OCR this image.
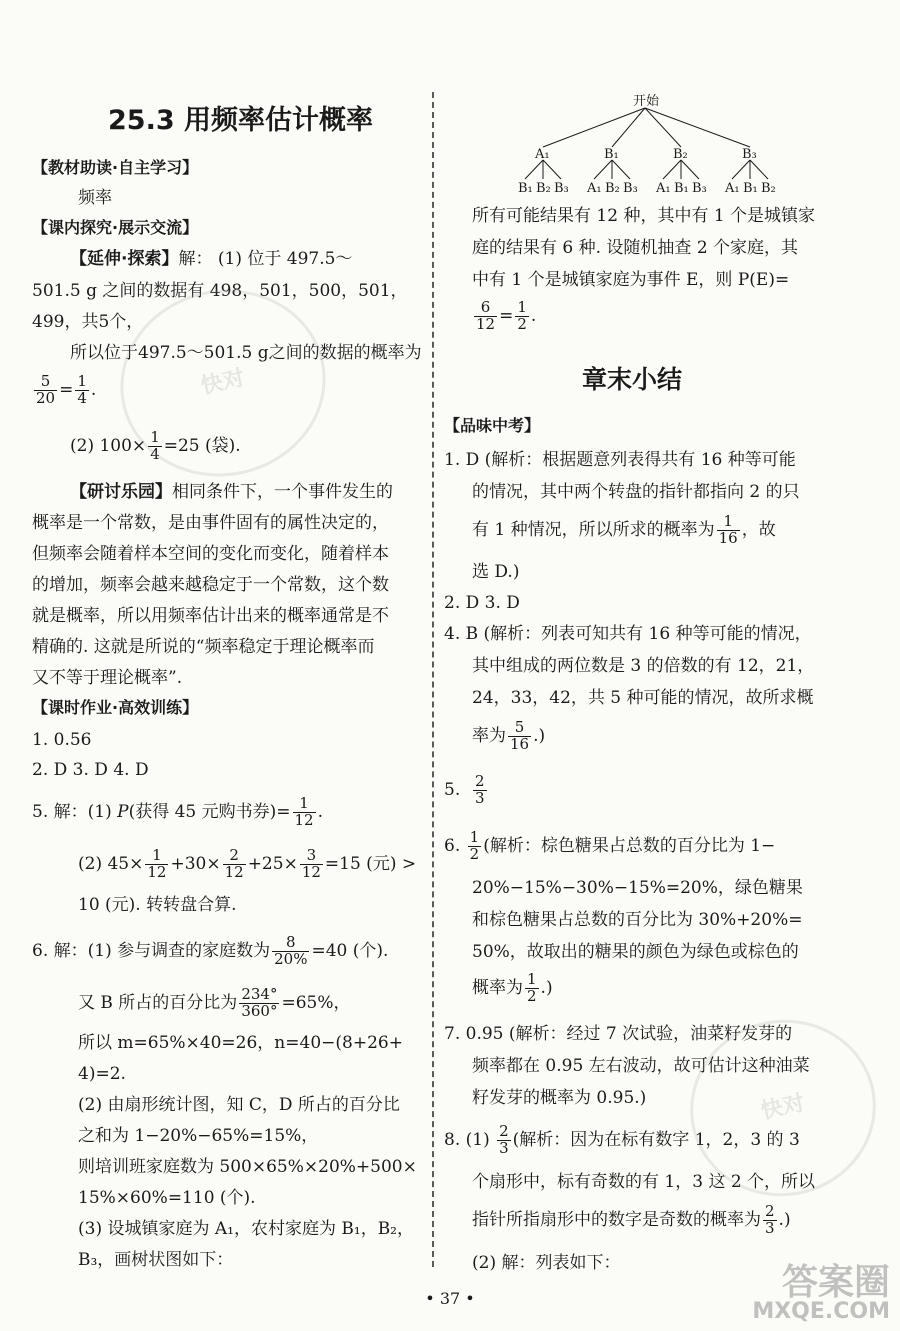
25.3 用频率估计概率
【教材助读·自主学习】
频率
【课内探究·展示交流】
【延伸·探索】解： (1) 位于 497.5～
501.5 g 之间的数据有 498，501，500，501，
499，共5个，
所以位于497.5～501.5 g之间的数据的概率为
$\frac{5}{20} = \frac{1}{4}$ .
(2) $100\times \frac{1}{4} =25$ (袋).
【研讨乐园】相同条件下，一个事件发生的
概率是一个常数，是由事件固有的属性决定的，
但频率会随着样本空间的变化而变化，随着样本
的增加，频率会越来越稳定于一个常数，这个数
就是概率，所以用频率估计出来的概率通常是不
精确的. 这就是所说的“频率稳定于理论概率而
又不等于理论概率”.
【课时作业·高效训练】
1. 0.56
2. D 3. D 4. D
5. 解：(1) P(获得 45 元购书券)= $\frac{1}{12}$ .
(2) $45\times \frac{1}{12} +30\times \frac{2}{12} +25\times \frac{3}{12} =15$ (元) >
10 (元). 转转盘合算.
6. 解：(1) 参与调查的家庭数为 $\frac{8}{20\%} =40$ (个).
又 B 所占的百分比为 $\frac{234^\circ}{360^\circ} =65\%$，
所以 m=65%×40=26，n=40−(8+26+
4)=2.
(2) 由扇形统计图，知 C，D 所占的百分比
之和为 1−20%−65%=15%，
则培训班家庭数为 500×65%×20%+500×
15%×60%=110 (个).
(3) 设城镇家庭为 A₁，农村家庭为 B₁，B₂，
B₃，画树状图如下：
开始
A₁	B₁	B₂	B₃
B₁ B₂ B₃ A₁ B₂ B₃ A₁ B₁ B₃ A₁ B₁ B₂
所有可能结果有 12 种，其中有 1 个是城镇家
庭的结果有 6 种. 设随机抽查 2 个家庭，其
中有 1 个是城镇家庭为事件 E，则 P(E)=
$\frac{6}{12} = \frac{1}{2}$ .
章末小结
【品味中考】
1. D (解析：根据题意列表得共有 16 种等可能
的情况，其中两个转盘的指针都指向 2 的只
有 1 种情况，所以所求的概率为 $\frac{1}{16}$ ，故
选 D.)
2. D 3. D
4. B (解析：列表可知共有 16 种等可能的情况，
其中组成的两位数是 3 的倍数的有 12，21，
24，33，42，共 5 种可能的情况，故所求概
率为 $\frac{5}{16}$ .)
5. $\frac{2}{3}$
6. $\frac{1}{2}$ (解析：棕色糖果占总数的百分比为 1−
20%−15%−30%−15%=20%，绿色糖果
和棕色糖果占总数的百分比为 30%+20%=
50%，故取出的糖果的颜色为绿色或棕色的
概率为 $\frac{1}{2}$ .)
7. 0.95 (解析：经过 7 次试验，油菜籽发芽的
频率都在 0.95 左右波动，故可估计这种油菜
籽发芽的概率为 0.95.)
8. $(1) \frac{2}{3}$ (解析：因为在标有数字 1，2，3 的 3
个扇形中，标有奇数的有 1，3 这 2 个，所以
指针所指扇形中的数字是奇数的概率为 $\frac{2}{3}$ .)
(2) 解：列表如下：
快对
快对
答案圈
MXQE.COM
• 37 •
